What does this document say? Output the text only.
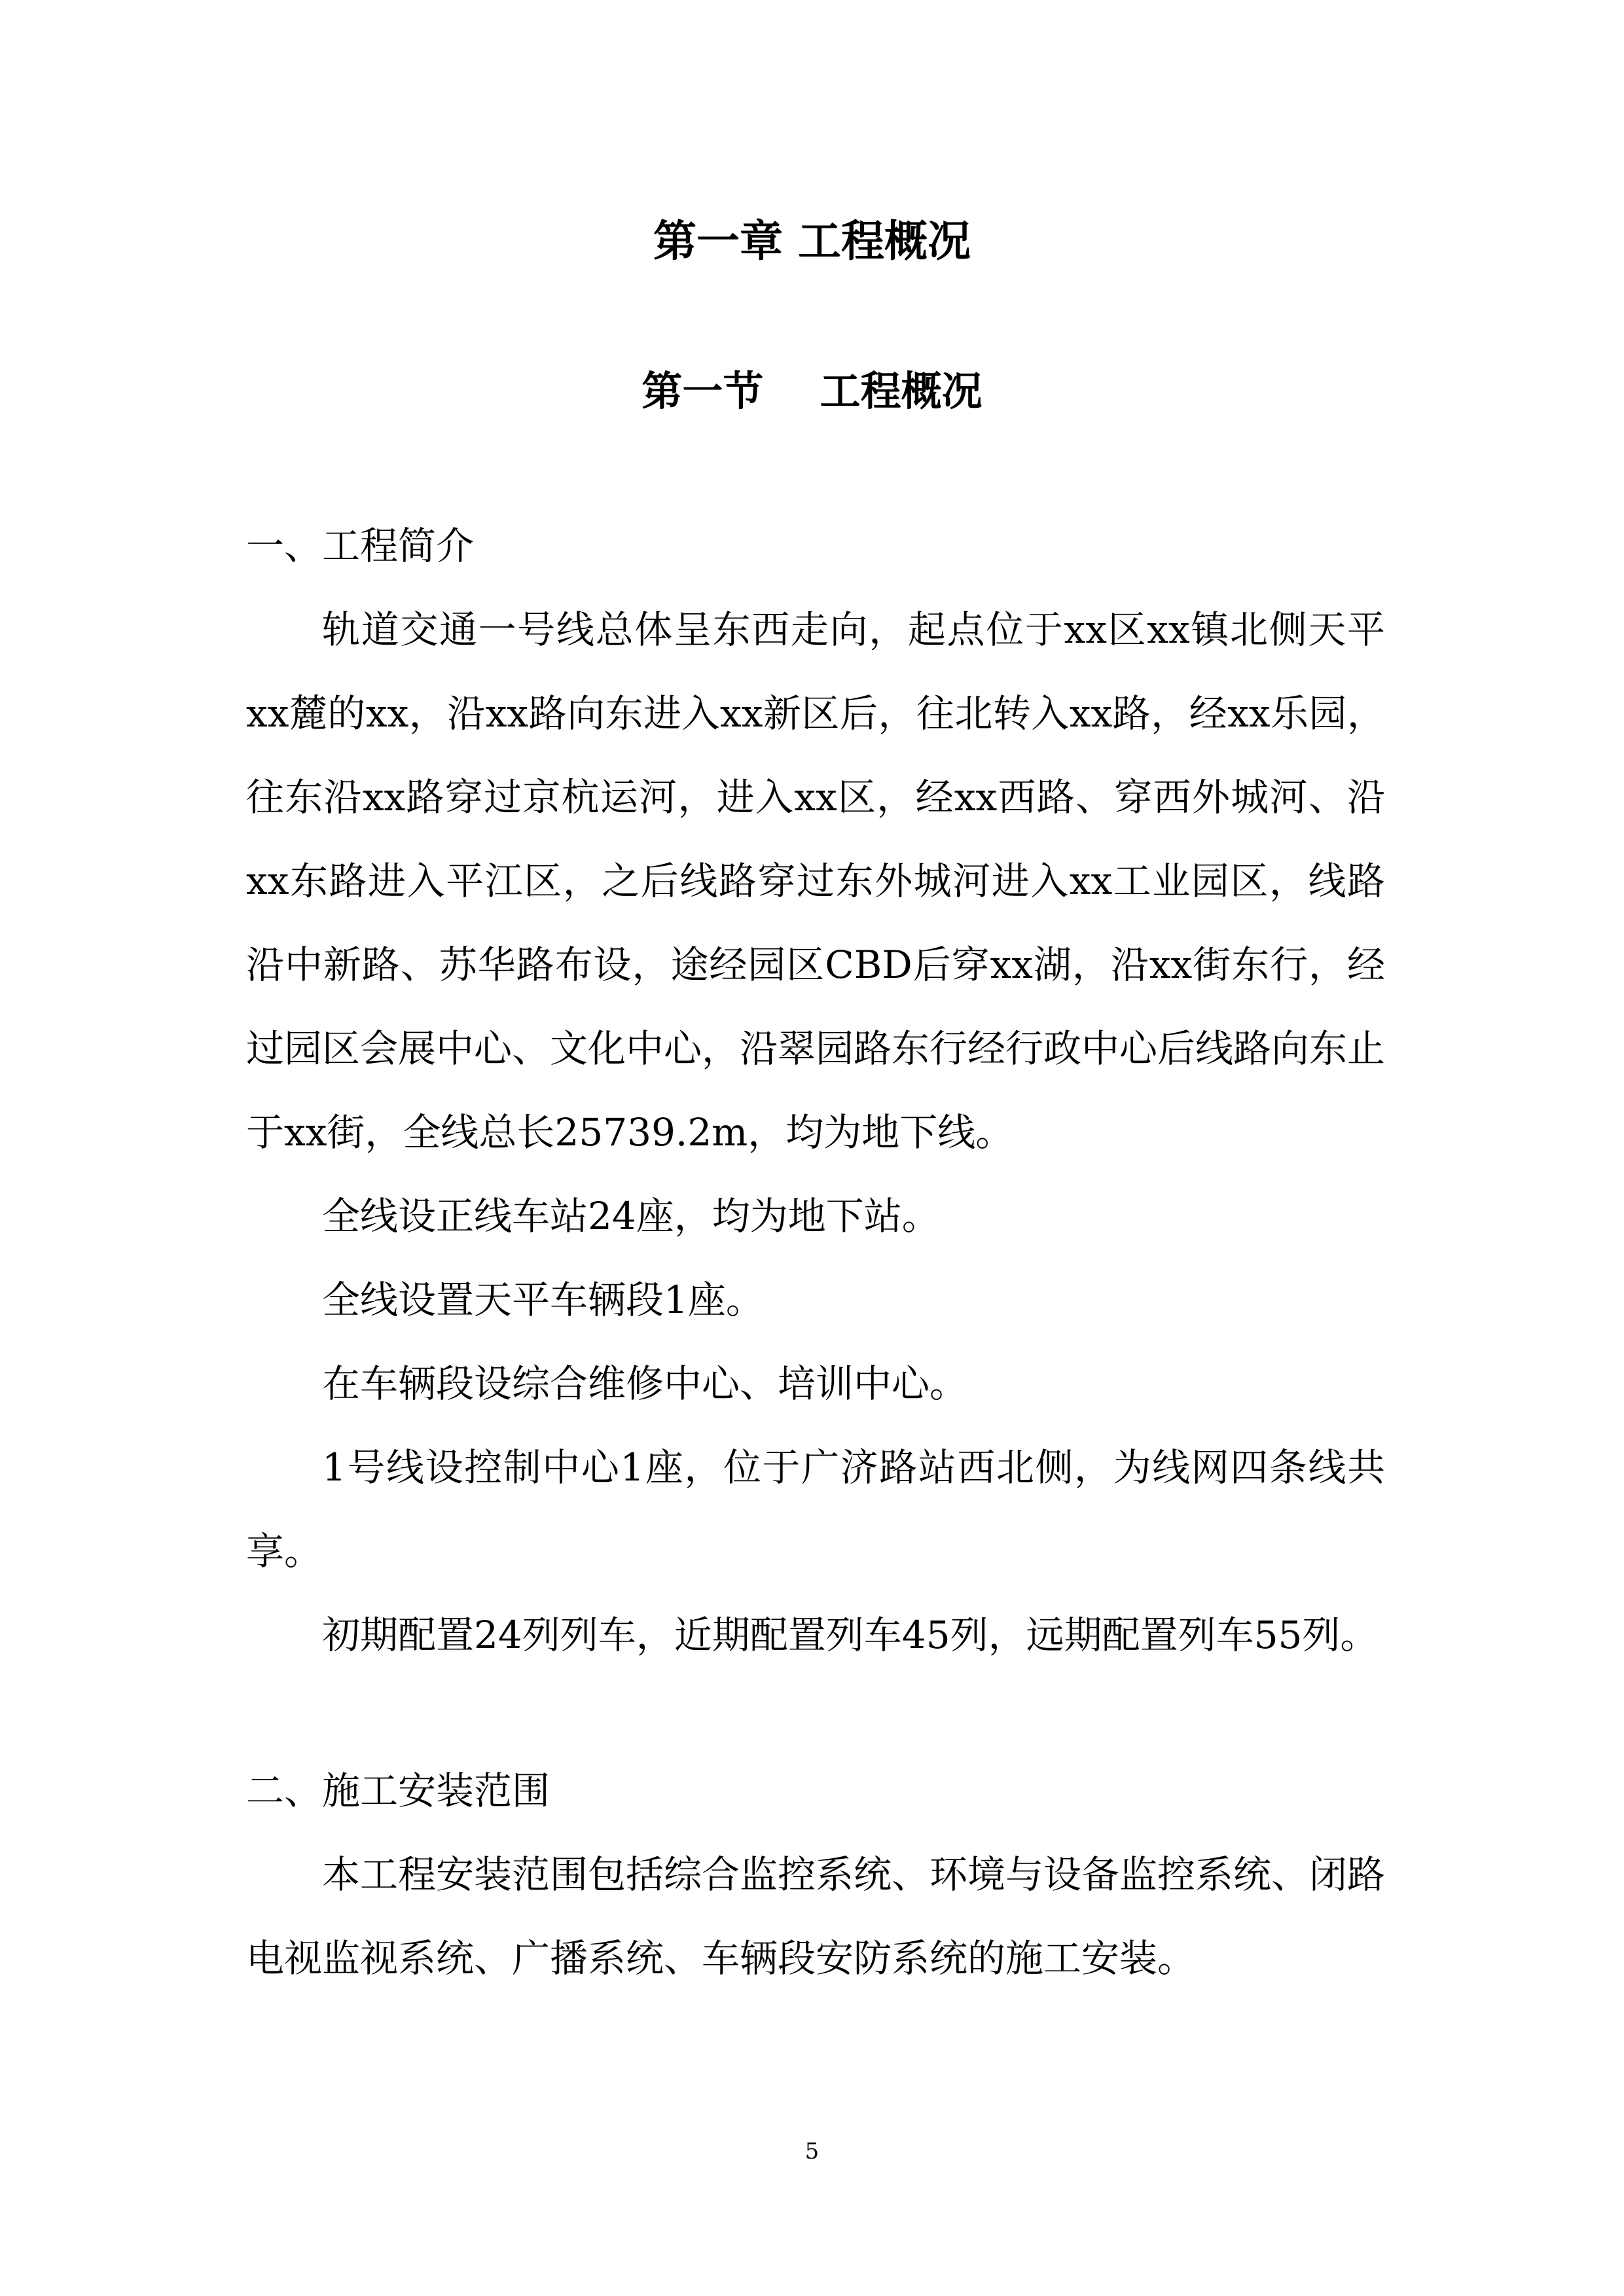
第一章 工程概况
第一节    工程概况
一、工程简介

轨道交通一号线总体呈东西走向，起点位于xx区xx镇北侧天平xx麓的xx，沿xx路向东进入xx新区后，往北转入xx路，经xx乐园，往东沿xx路穿过京杭运河，进入xx区，经xx西路、穿西外城河、沿xx东路进入平江区，之后线路穿过东外城河进入xx工业园区，线路沿中新路、苏华路布设，途经园区CBD后穿xx湖，沿xx街东行，经过园区会展中心、文化中心，沿翠园路东行经行政中心后线路向东止于xx街，全线总长25739.2m，均为地下线。

全线设正线车站24座，均为地下站。

全线设置天平车辆段1座。

在车辆段设综合维修中心、培训中心。

1号线设控制中心1座，位于广济路站西北侧，为线网四条线共享。

初期配置24列列车，近期配置列车45列，远期配置列车55列。

二、施工安装范围

本工程安装范围包括综合监控系统、环境与设备监控系统、闭路电视监视系统、广播系统、车辆段安防系统的施工安装。

5
